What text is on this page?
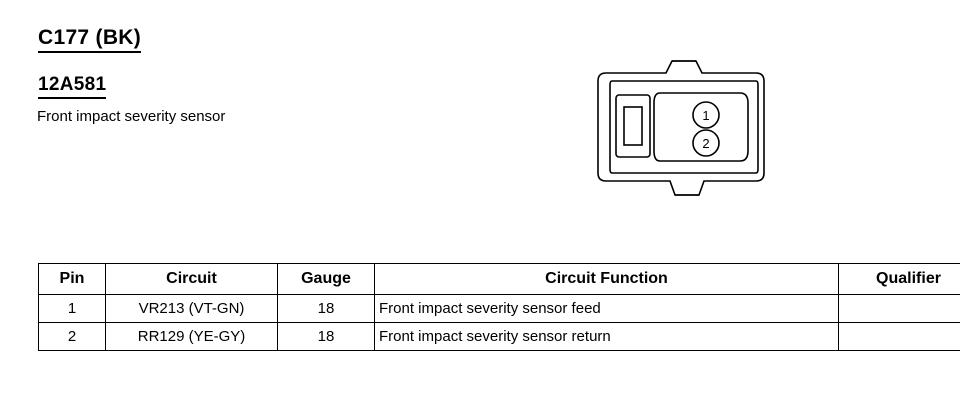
C177 (BK)
12A581
Front impact severity sensor	1
2
Pin	Circuit	Gauge	Circuit Function	Qualifier
1	VR213 (VT-GN)	18	Front impact severity sensor feed	
2	RR129 (YE-GY)	18	Front impact severity sensor return	
